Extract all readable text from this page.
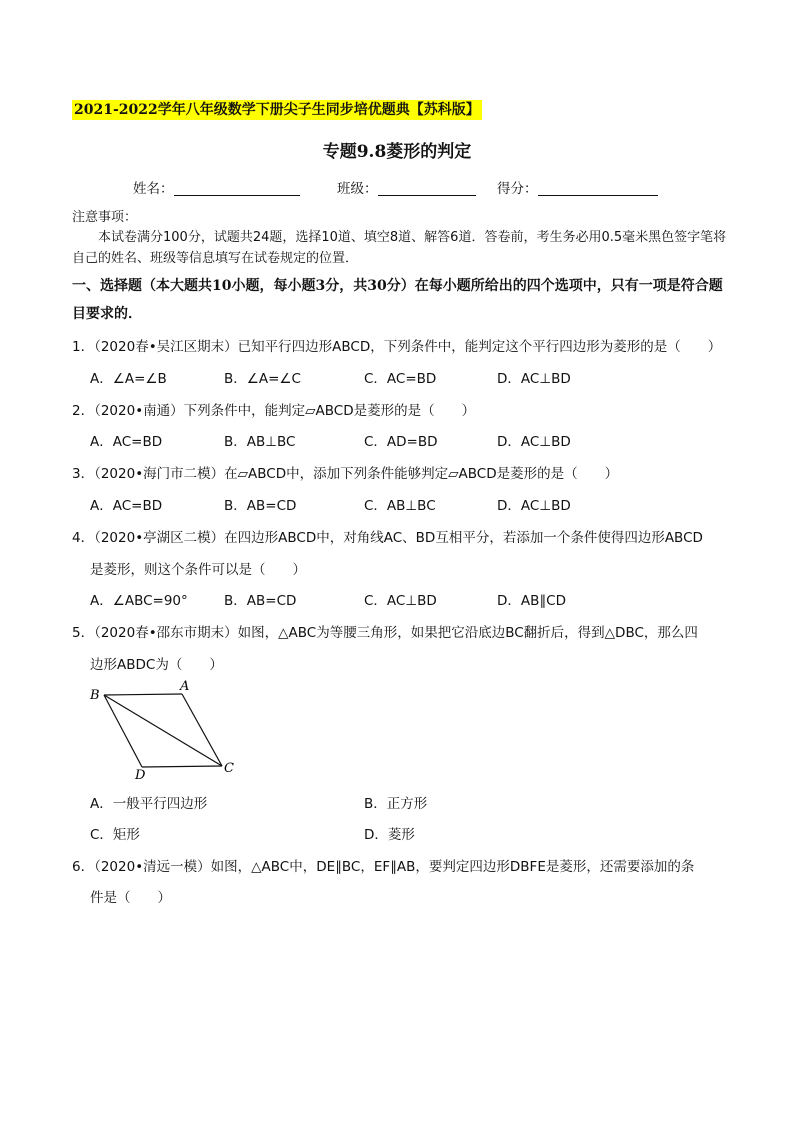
2021-2022学年八年级数学下册尖子生同步培优题典【苏科版】
专题9.8菱形的判定
姓名：	班级：	得分：
注意事项：
本试卷满分100分，试题共24题，选择10道、填空8道、解答6道．答卷前，考生务必用0.5毫米黑色签字笔将自己的姓名、班级等信息填写在试卷规定的位置．
一、选择题（本大题共10小题，每小题3分，共30分）在每小题所给出的四个选项中，只有一项是符合题目要求的．
1．（2020春•吴江区期末）已知平行四边形ABCD，下列条件中，能判定这个平行四边形为菱形的是（　　）
A．∠A=∠B	B．∠A=∠C	C．AC=BD	D．AC⊥BD
2．（2020•南通）下列条件中，能判定▱ABCD是菱形的是（　　）
A．AC=BD	B．AB⊥BC	C．AD=BD	D．AC⊥BD
3．（2020•海门市二模）在▱ABCD中，添加下列条件能够判定▱ABCD是菱形的是（　　）
A．AC=BD	B．AB=CD	C．AB⊥BC	D．AC⊥BD
4．（2020•亭湖区二模）在四边形ABCD中，对角线AC、BD互相平分，若添加一个条件使得四边形ABCD
是菱形，则这个条件可以是（　　）
A．∠ABC=90°	B．AB=CD	C．AC⊥BD	D．AB∥CD
5．（2020春•邵东市期末）如图，△ABC为等腰三角形，如果把它沿底边BC翻折后，得到△DBC，那么四
边形ABDC为（　　）
B
A
D	C
A．一般平行四边形	B．正方形
C．矩形	D．菱形
6．（2020•清远一模）如图，△ABC中，DE∥BC，EF∥AB，要判定四边形DBFE是菱形，还需要添加的条
件是（　　）
